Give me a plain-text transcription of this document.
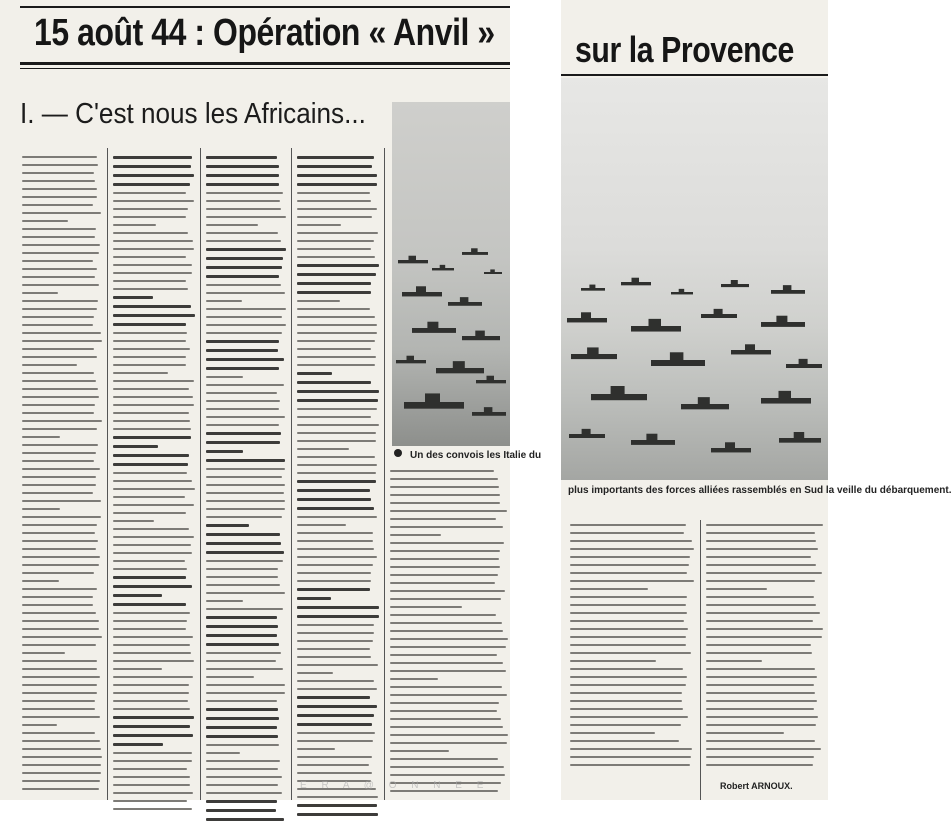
15 août 44 : Opération « Anvil »
I. — C'est nous les Africains...
sur la Provence

Un des convois les Italie du

plus importants des forces alliées rassemblés en Sud la veille du débarquement.

Robert ARNOUX.

E R A @ O N N E E
